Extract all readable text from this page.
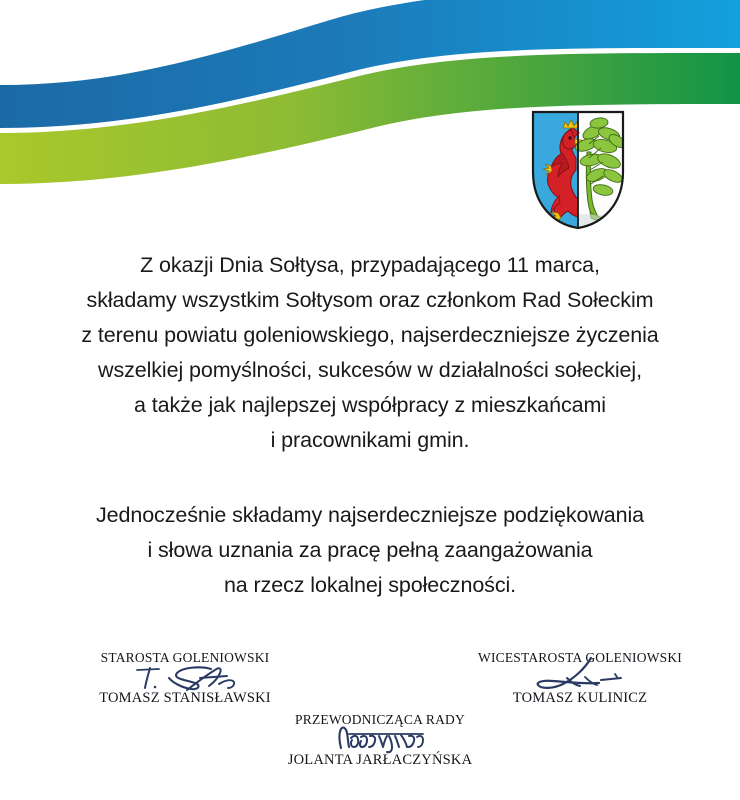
Z okazji Dnia Sołtysa, przypadającego 11 marca,
składamy wszystkim Sołtysom oraz członkom Rad Sołeckim
z terenu powiatu goleniowskiego, najserdeczniejsze życzenia
wszelkiej pomyślności, sukcesów w działalności sołeckiej,
a także jak najlepszej współpracy z mieszkańcami
i pracownikami gmin.
Jednocześnie składamy najserdeczniejsze podziękowania
i słowa uznania za pracę pełną zaangażowania
na rzecz lokalnej społeczności.
STAROSTA GOLENIOWSKI
TOMASZ STANISŁAWSKI
WICESTAROSTA GOLENIOWSKI
TOMASZ KULINICZ
PRZEWODNICZĄCA RADY
JOLANTA JARŁACZYŃSKA
